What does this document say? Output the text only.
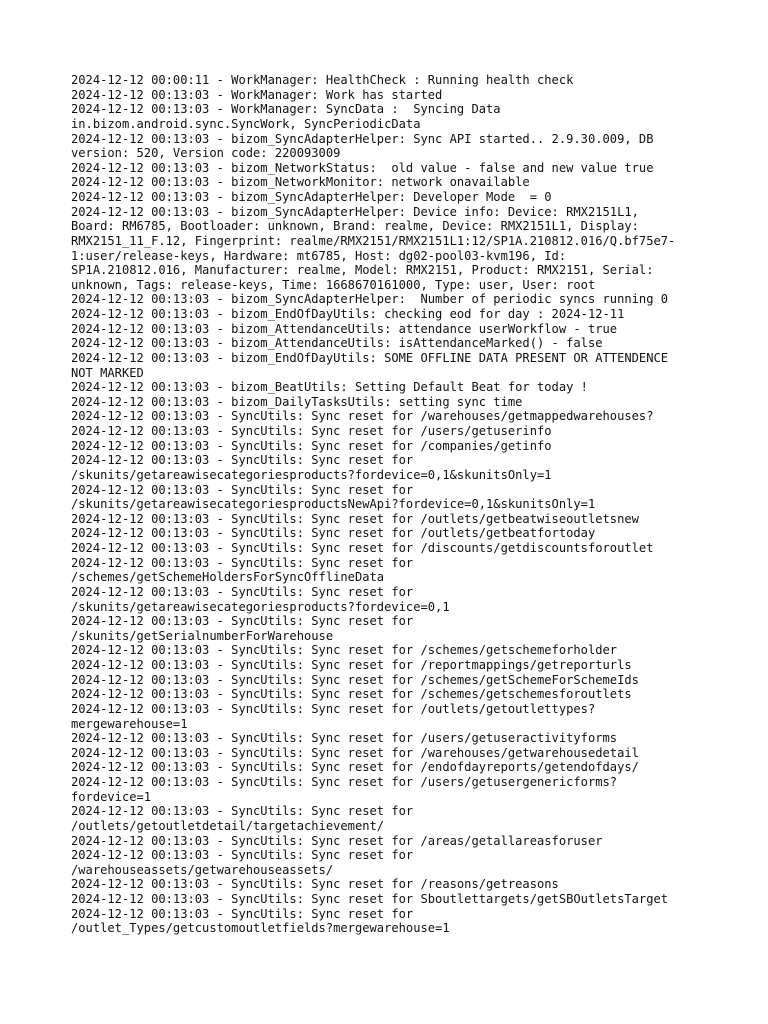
2024-12-12 00:00:11 - WorkManager: HealthCheck : Running health check
2024-12-12 00:13:03 - WorkManager: Work has started
2024-12-12 00:13:03 - WorkManager: SyncData :  Syncing Data
in.bizom.android.sync.SyncWork, SyncPeriodicData
2024-12-12 00:13:03 - bizom_SyncAdapterHelper: Sync API started.. 2.9.30.009, DB
version: 520, Version code: 220093009
2024-12-12 00:13:03 - bizom_NetworkStatus:  old value - false and new value true
2024-12-12 00:13:03 - bizom_NetworkMonitor: network onavailable
2024-12-12 00:13:03 - bizom_SyncAdapterHelper: Developer Mode  = 0
2024-12-12 00:13:03 - bizom_SyncAdapterHelper: Device info: Device: RMX2151L1,
Board: RM6785, Bootloader: unknown, Brand: realme, Device: RMX2151L1, Display:
RMX2151_11_F.12, Fingerprint: realme/RMX2151/RMX2151L1:12/SP1A.210812.016/Q.bf75e7-
1:user/release-keys, Hardware: mt6785, Host: dg02-pool03-kvm196, Id:
SP1A.210812.016, Manufacturer: realme, Model: RMX2151, Product: RMX2151, Serial:
unknown, Tags: release-keys, Time: 1668670161000, Type: user, User: root
2024-12-12 00:13:03 - bizom_SyncAdapterHelper:  Number of periodic syncs running 0
2024-12-12 00:13:03 - bizom_EndOfDayUtils: checking eod for day : 2024-12-11
2024-12-12 00:13:03 - bizom_AttendanceUtils: attendance userWorkflow - true
2024-12-12 00:13:03 - bizom_AttendanceUtils: isAttendanceMarked() - false
2024-12-12 00:13:03 - bizom_EndOfDayUtils: SOME OFFLINE DATA PRESENT OR ATTENDENCE
NOT MARKED
2024-12-12 00:13:03 - bizom_BeatUtils: Setting Default Beat for today !
2024-12-12 00:13:03 - bizom_DailyTasksUtils: setting sync time
2024-12-12 00:13:03 - SyncUtils: Sync reset for /warehouses/getmappedwarehouses?
2024-12-12 00:13:03 - SyncUtils: Sync reset for /users/getuserinfo
2024-12-12 00:13:03 - SyncUtils: Sync reset for /companies/getinfo
2024-12-12 00:13:03 - SyncUtils: Sync reset for
/skunits/getareawisecategoriesproducts?fordevice=0,1&skunitsOnly=1
2024-12-12 00:13:03 - SyncUtils: Sync reset for
/skunits/getareawisecategoriesproductsNewApi?fordevice=0,1&skunitsOnly=1
2024-12-12 00:13:03 - SyncUtils: Sync reset for /outlets/getbeatwiseoutletsnew
2024-12-12 00:13:03 - SyncUtils: Sync reset for /outlets/getbeatfortoday
2024-12-12 00:13:03 - SyncUtils: Sync reset for /discounts/getdiscountsforoutlet
2024-12-12 00:13:03 - SyncUtils: Sync reset for
/schemes/getSchemeHoldersForSyncOfflineData
2024-12-12 00:13:03 - SyncUtils: Sync reset for
/skunits/getareawisecategoriesproducts?fordevice=0,1
2024-12-12 00:13:03 - SyncUtils: Sync reset for
/skunits/getSerialnumberForWarehouse
2024-12-12 00:13:03 - SyncUtils: Sync reset for /schemes/getschemeforholder
2024-12-12 00:13:03 - SyncUtils: Sync reset for /reportmappings/getreporturls
2024-12-12 00:13:03 - SyncUtils: Sync reset for /schemes/getSchemeForSchemeIds
2024-12-12 00:13:03 - SyncUtils: Sync reset for /schemes/getschemesforoutlets
2024-12-12 00:13:03 - SyncUtils: Sync reset for /outlets/getoutlettypes?
mergewarehouse=1
2024-12-12 00:13:03 - SyncUtils: Sync reset for /users/getuseractivityforms
2024-12-12 00:13:03 - SyncUtils: Sync reset for /warehouses/getwarehousedetail
2024-12-12 00:13:03 - SyncUtils: Sync reset for /endofdayreports/getendofdays/
2024-12-12 00:13:03 - SyncUtils: Sync reset for /users/getusergenericforms?
fordevice=1
2024-12-12 00:13:03 - SyncUtils: Sync reset for
/outlets/getoutletdetail/targetachievement/
2024-12-12 00:13:03 - SyncUtils: Sync reset for /areas/getallareasforuser
2024-12-12 00:13:03 - SyncUtils: Sync reset for
/warehouseassets/getwarehouseassets/
2024-12-12 00:13:03 - SyncUtils: Sync reset for /reasons/getreasons
2024-12-12 00:13:03 - SyncUtils: Sync reset for Sboutlettargets/getSBOutletsTarget
2024-12-12 00:13:03 - SyncUtils: Sync reset for
/outlet_Types/getcustomoutletfields?mergewarehouse=1
